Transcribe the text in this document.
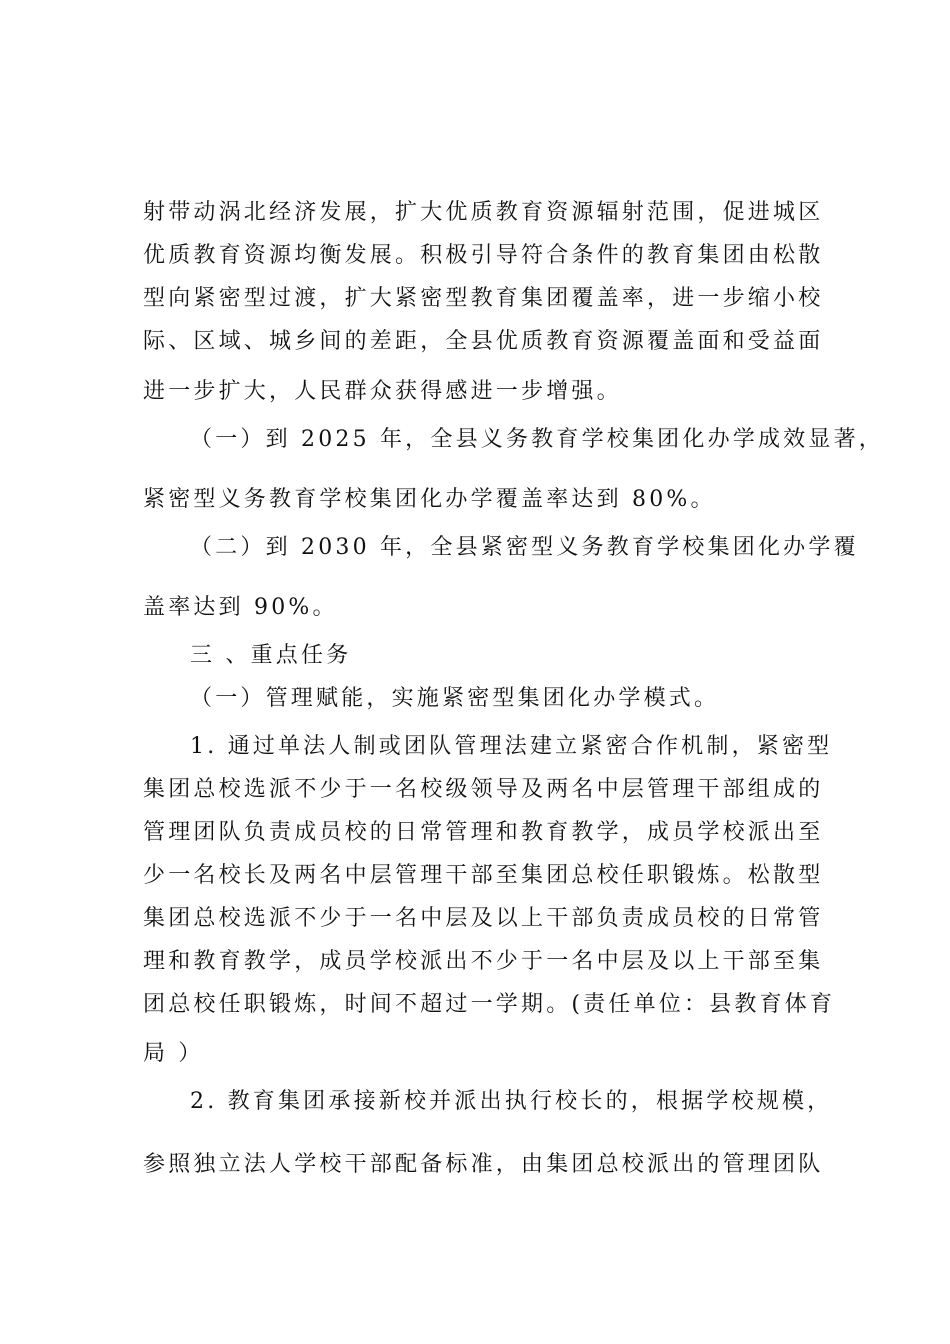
射带动涡北经济发展，扩大优质教育资源辐射范围，促进城区
优质教育资源均衡发展。积极引导符合条件的教育集团由松散
型向紧密型过渡，扩大紧密型教育集团覆盖率，进一步缩小校
际、区域、城乡间的差距，全县优质教育资源覆盖面和受益面
进一步扩大，人民群众获得感进一步增强。
（一）到 2025 年，全县义务教育学校集团化办学成效显著，
紧密型义务教育学校集团化办学覆盖率达到 80%。
（二）到 2030 年，全县紧密型义务教育学校集团化办学覆
盖率达到 90%。
三 、重点任务
（一）管理赋能，实施紧密型集团化办学模式。
1. 通过单法人制或团队管理法建立紧密合作机制，紧密型
集团总校选派不少于一名校级领导及两名中层管理干部组成的
管理团队负责成员校的日常管理和教育教学，成员学校派出至
少一名校长及两名中层管理干部至集团总校任职锻炼。松散型
集团总校选派不少于一名中层及以上干部负责成员校的日常管
理和教育教学，成员学校派出不少于一名中层及以上干部至集
团总校任职锻炼，时间不超过一学期。(责任单位：县教育体育
局 ）
2. 教育集团承接新校并派出执行校长的，根据学校规模，
参照独立法人学校干部配备标准，由集团总校派出的管理团队
